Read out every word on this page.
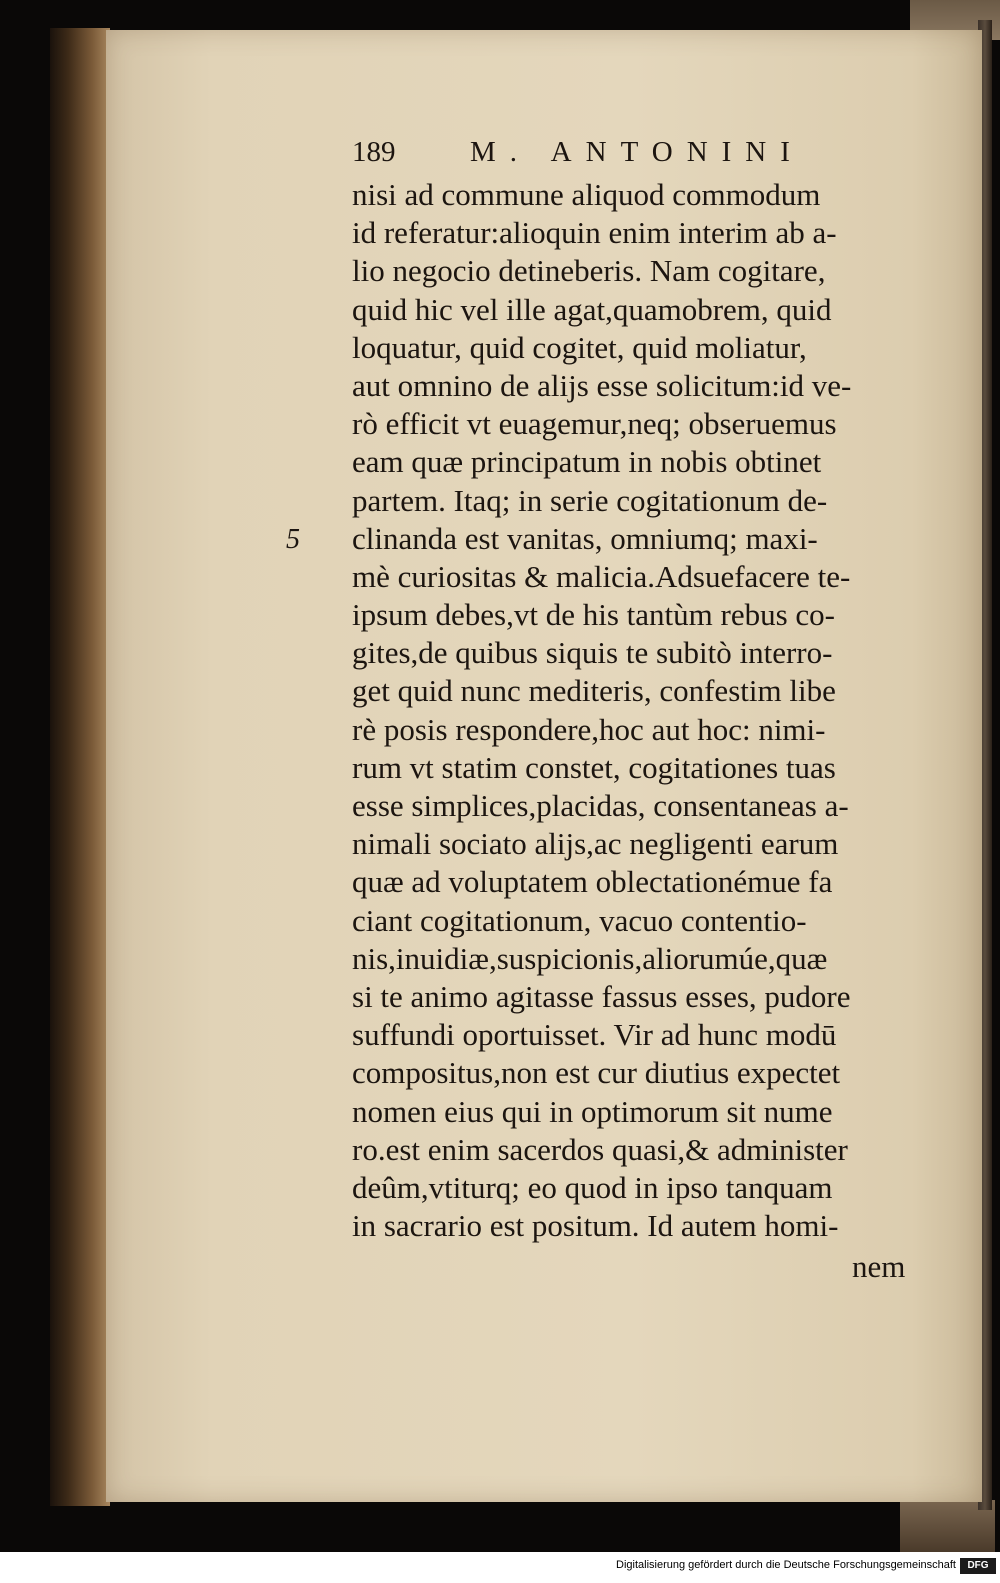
189	M. ANTONINI
5
nisi ad commune aliquod commodum
id referatur:alioquin enim interim ab a-
lio negocio detineberis. Nam cogitare,
quid hic vel ille agat,quamobrem, quid
loquatur, quid cogitet, quid moliatur,
aut omnino de alijs esse solicitum:id ve-
rò efficit vt euagemur,neq; obseruemus
eam quæ principatum in nobis obtinet
partem. Itaq; in serie cogitationum de-
clinanda est vanitas, omniumq; maxi-
mè curiositas & malicia.Adsuefacere te-
ipsum debes,vt de his tantùm rebus co-
gites,de quibus siquis te subitò interro-
get quid nunc mediteris, confestim libe
rè posis respondere,hoc aut hoc: nimi-
rum vt statim constet, cogitationes tuas
esse simplices,placidas, consentaneas a-
nimali sociato alijs,ac negligenti earum
quæ ad voluptatem oblectationémue fa
ciant cogitationum, vacuo contentio-
nis,inuidiæ,suspicionis,aliorumúe,quæ
si te animo agitasse fassus esses, pudore
suffundi oportuisset. Vir ad hunc modū
compositus,non est cur diutius expectet
nomen eius qui in optimorum sit nume
ro.est enim sacerdos quasi,& administer
deûm,vtiturq; eo quod in ipso tanquam
in sacrario est positum. Id autem homi-
nem
Digitalisierung gefördert durch die Deutsche Forschungsgemeinschaft	DFG
